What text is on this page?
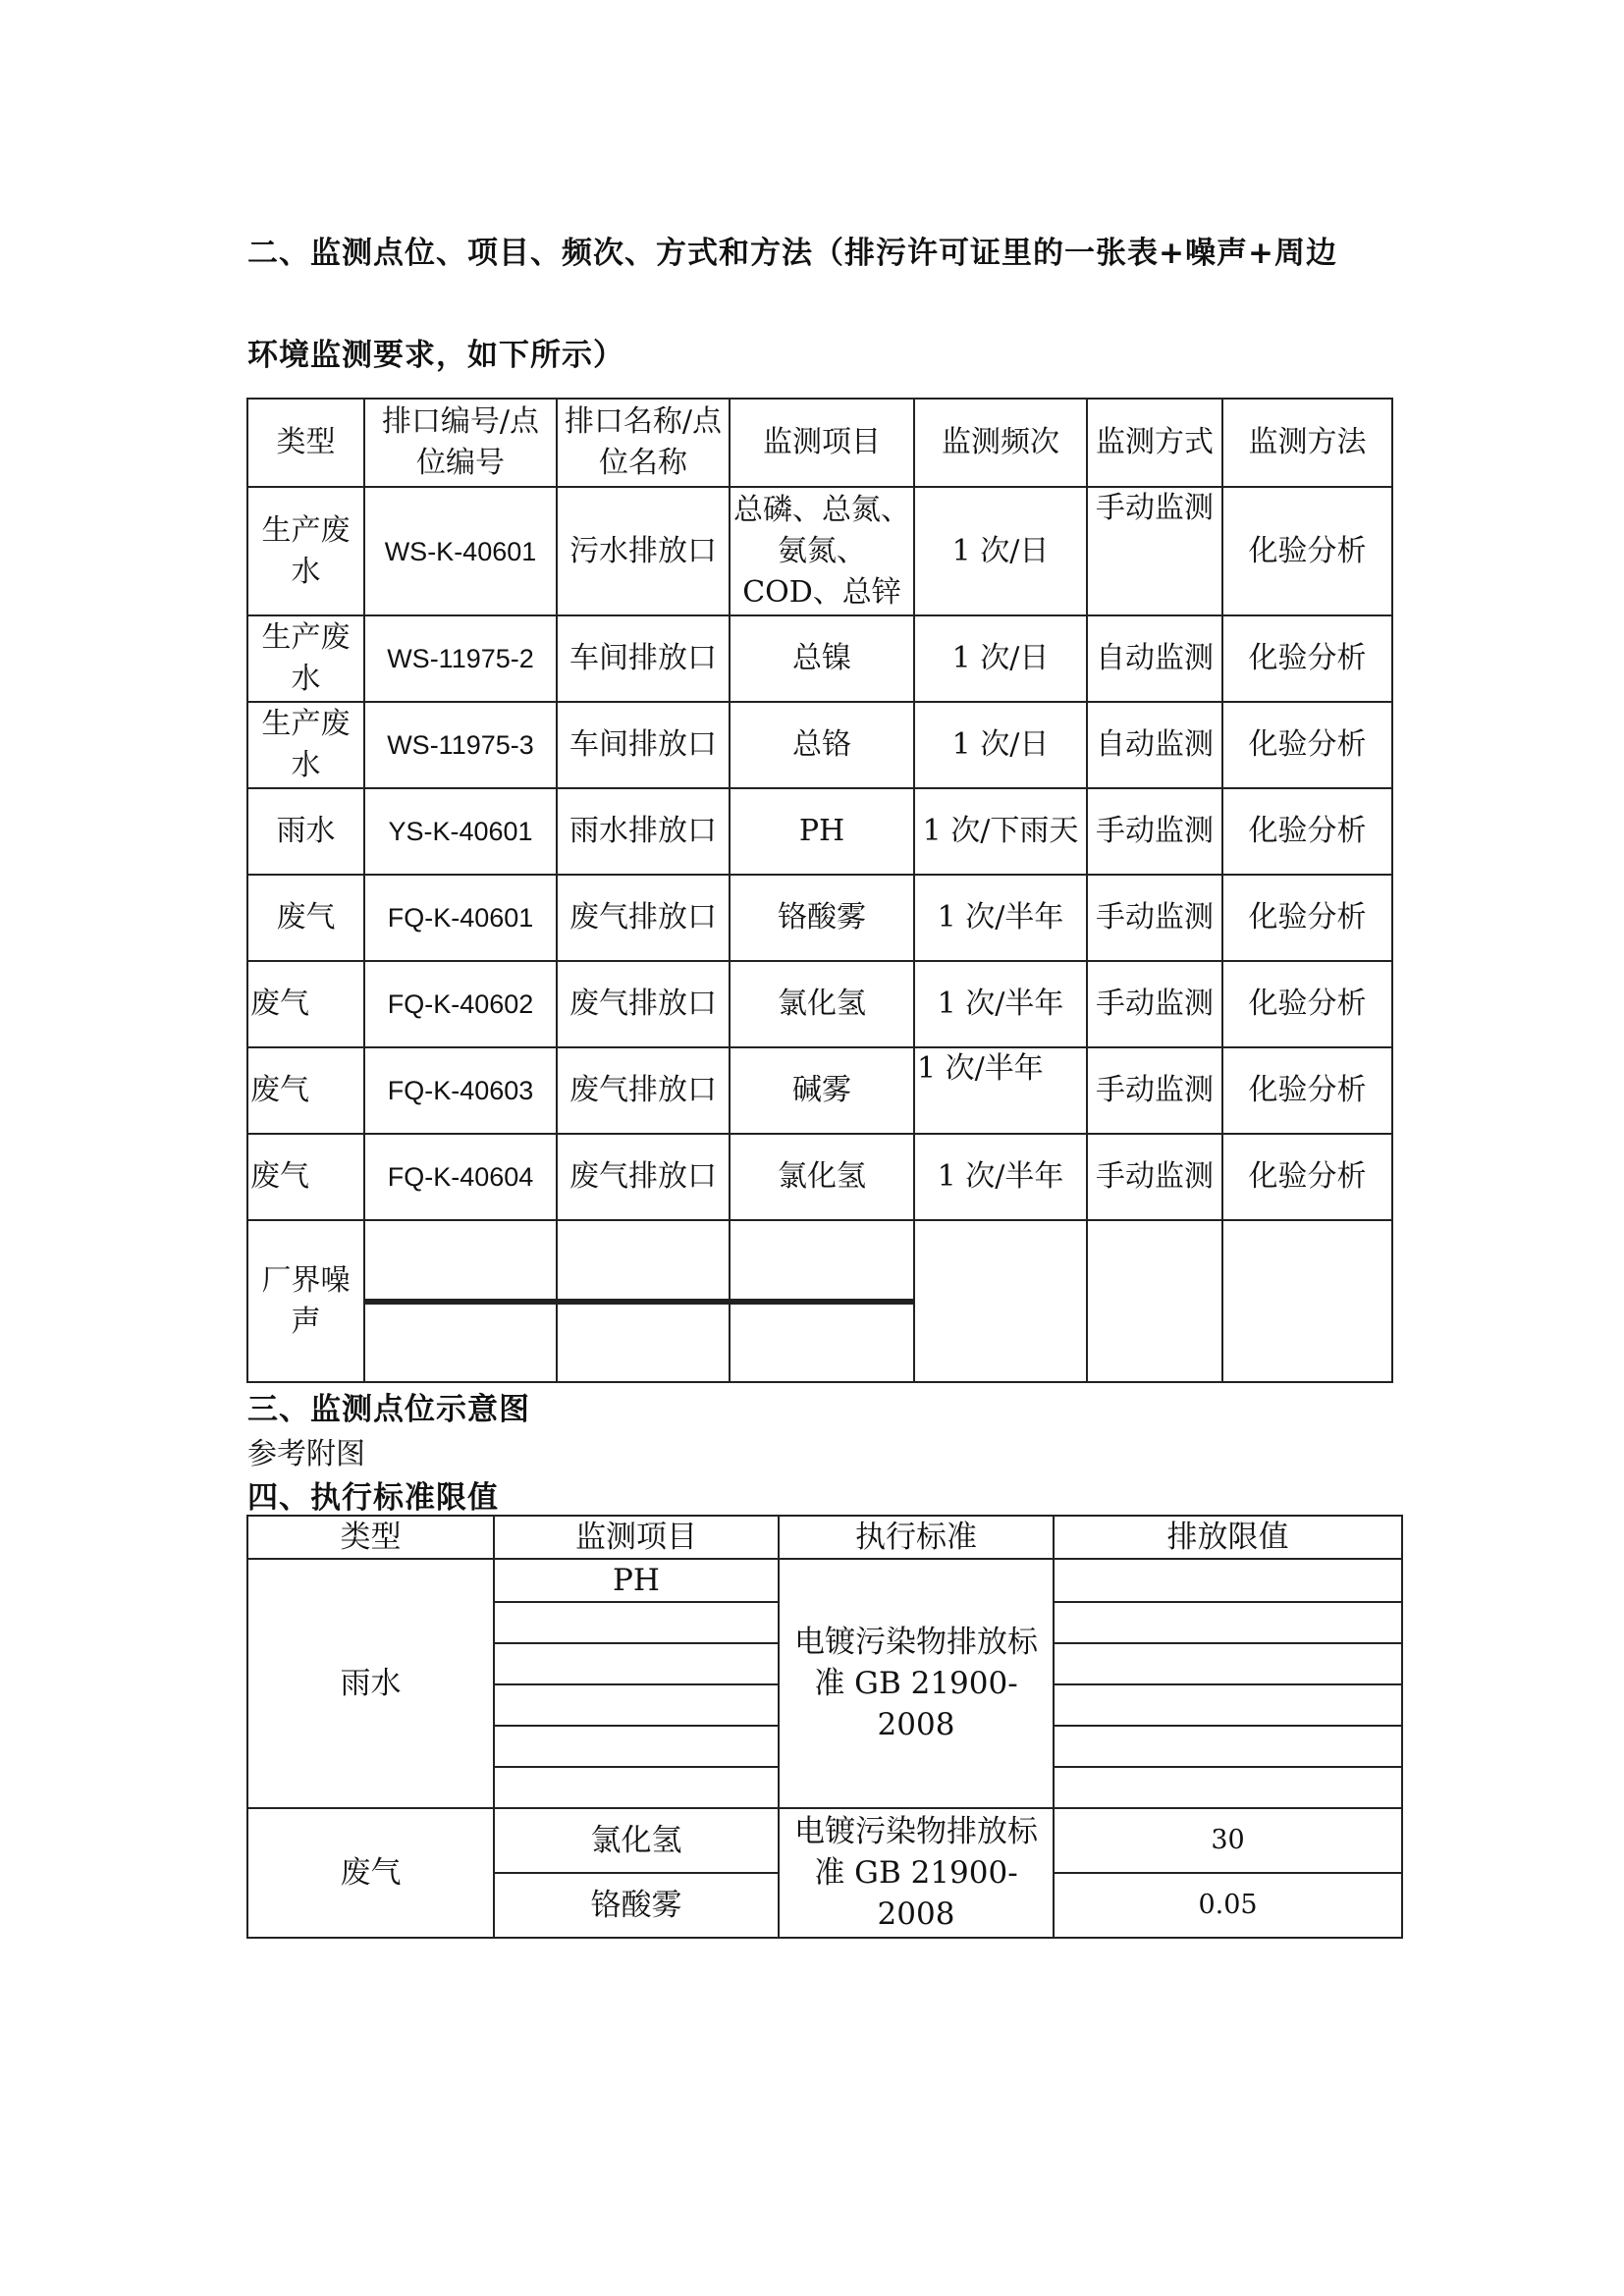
二、监测点位、项目、频次、方式和方法（排污许可证里的一张表+噪声+周边
环境监测要求，如下所示）
类型	排口编号/点位编号	排口名称/点位名称	监测项目	监测频次	监测方式	监测方法
生产废水	WS-K-40601	污水排放口	总磷、总氮、氨氮、COD、总锌	1 次/日	手动监测	化验分析
生产废水	WS-11975-2	车间排放口	总镍	1 次/日	自动监测	化验分析
生产废水	WS-11975-3	车间排放口	总铬	1 次/日	自动监测	化验分析
雨水	YS-K-40601	雨水排放口	PH	1 次/下雨天	手动监测	化验分析
废气	FQ-K-40601	废气排放口	铬酸雾	1 次/半年	手动监测	化验分析
废气	FQ-K-40602	废气排放口	氯化氢	1 次/半年	手动监测	化验分析
废气	FQ-K-40603	废气排放口	碱雾	1 次/半年	手动监测	化验分析
废气	FQ-K-40604	废气排放口	氯化氢	1 次/半年	手动监测	化验分析
厂界噪声	

三、监测点位示意图
参考附图
四、执行标准限值
类型	监测项目	执行标准	排放限值
雨水	PH	电镀污染物排放标准 GB 21900-2008	

废气	氯化氢	电镀污染物排放标准 GB 21900-2008	30
	铬酸雾		0.05
